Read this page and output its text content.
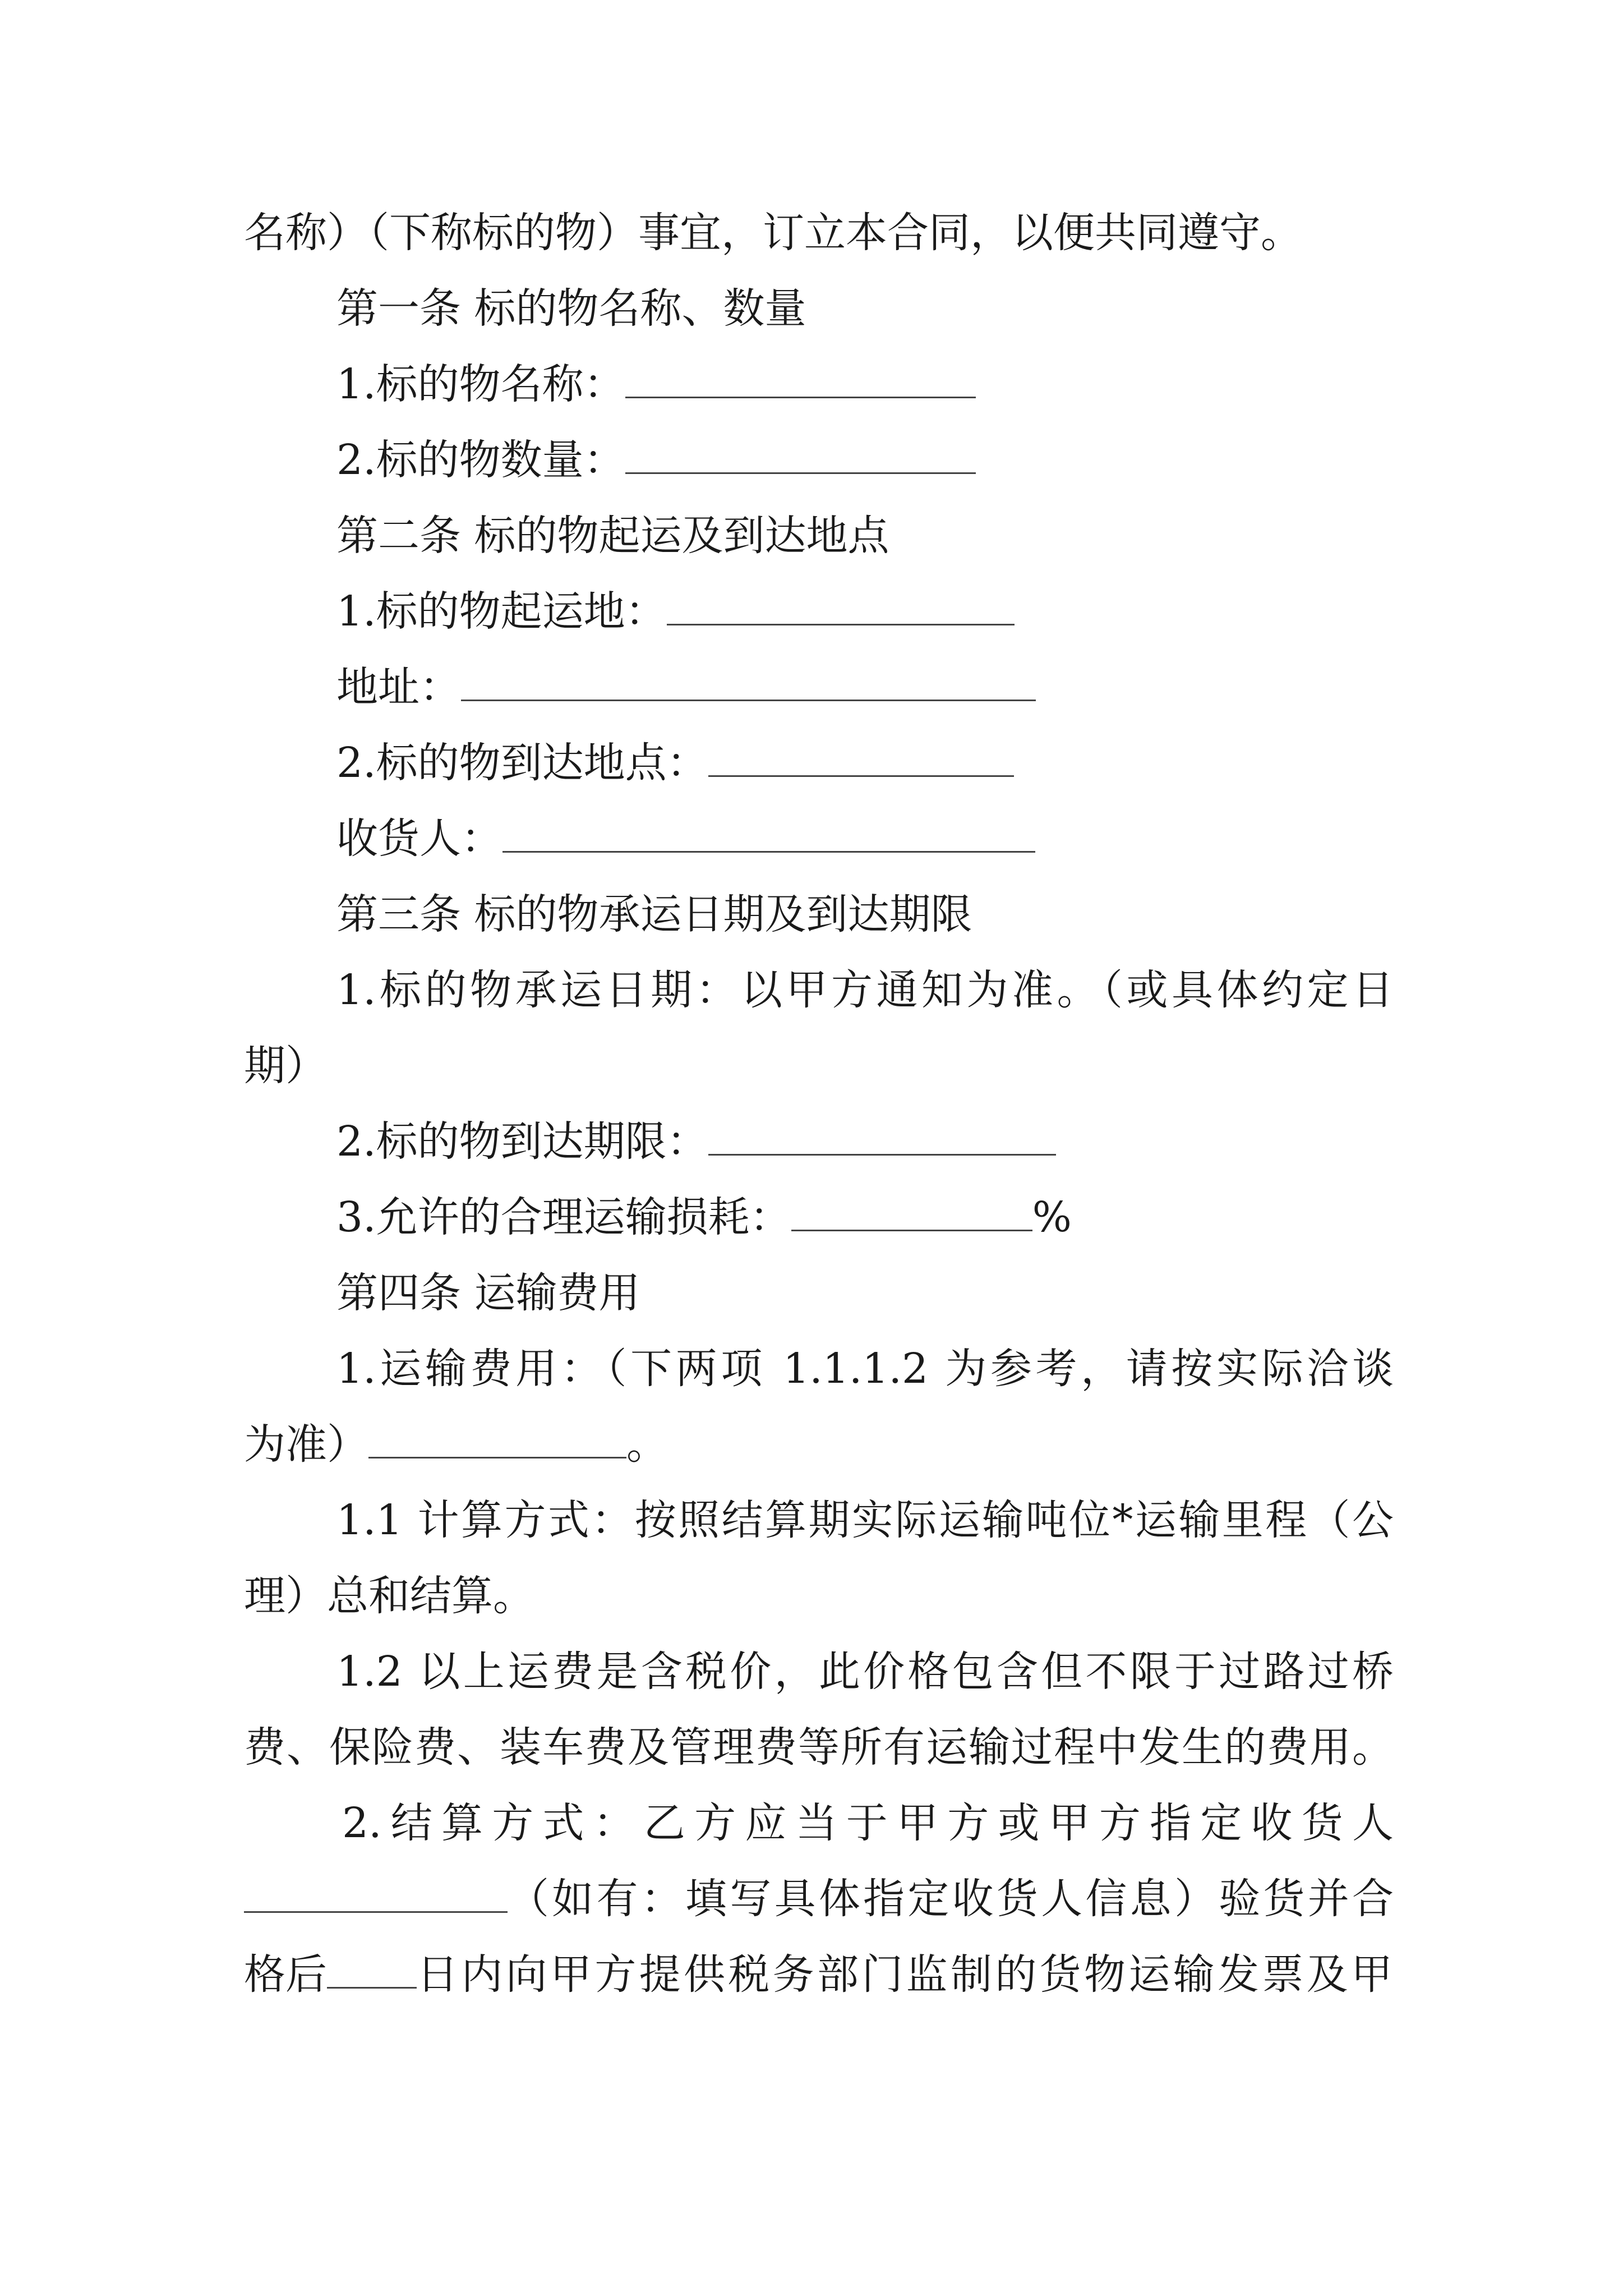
名称）（下称标的物）事宜，订立本合同，以便共同遵守。
第一条 标的物名称、数量
1.标的物名称：
2.标的物数量：
第二条 标的物起运及到达地点
1.标的物起运地：
地址：
2.标的物到达地点：
收货人：
第三条 标的物承运日期及到达期限
1.标的物承运日期：以甲方通知为准。（或具体约定日
期）
2.标的物到达期限：
3.允许的合理运输损耗：	%
第四条 运输费用
1.运输费用：（下两项 1.1.1.2 为参考，请按实际洽谈
为准）	。
1.1 计算方式：按照结算期实际运输吨位*运输里程（公
理）总和结算。
1.2 以上运费是含税价，此价格包含但不限于过路过桥
费、保险费、装车费及管理费等所有运输过程中发生的费用。
2.结算方式：乙方应当于甲方或甲方指定收货人
（如有：填写具体指定收货人信息）验货并合
格后 日内向甲方提供税务部门监制的货物运输发票及甲
